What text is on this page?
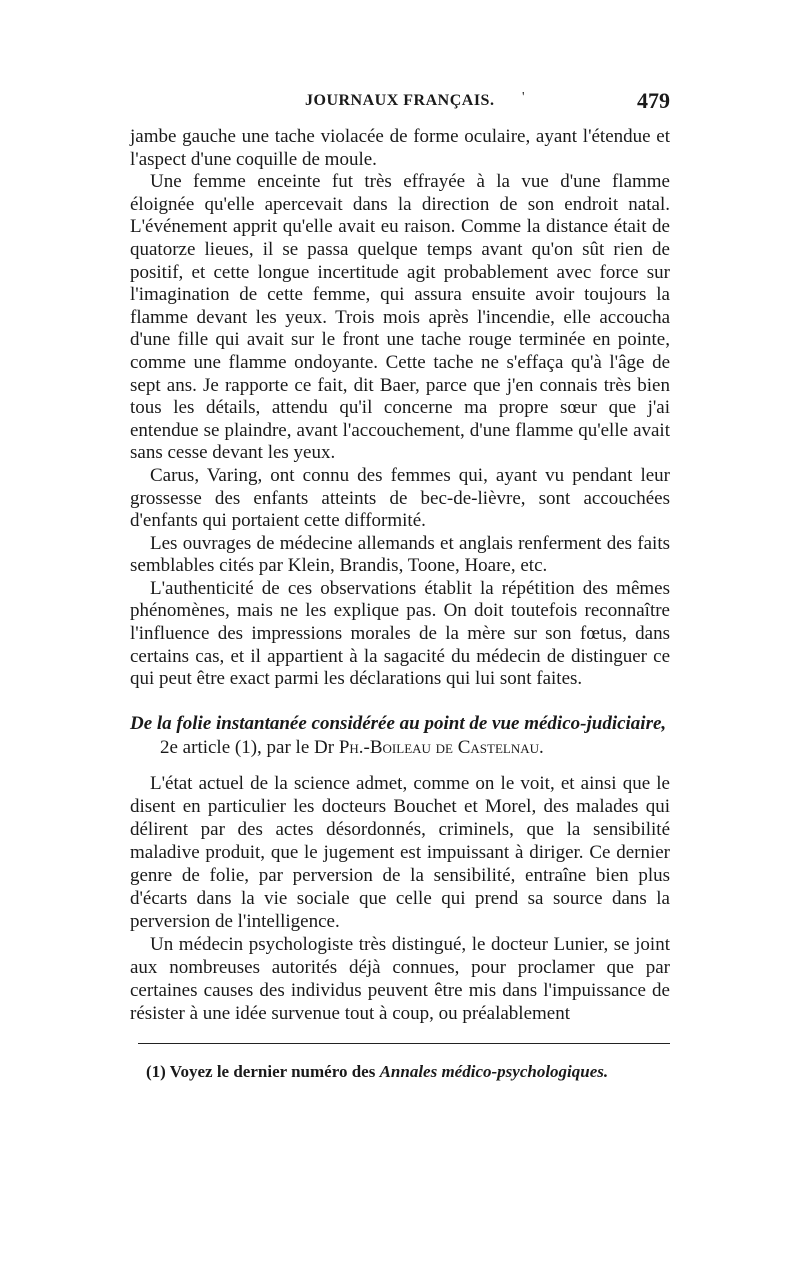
JOURNAUX FRANÇAIS. '	479

jambe gauche une tache violacée de forme oculaire, ayant l'étendue et l'aspect d'une coquille de moule.

Une femme enceinte fut très effrayée à la vue d'une flamme éloignée qu'elle apercevait dans la direction de son endroit natal. L'événement apprit qu'elle avait eu raison. Comme la distance était de quatorze lieues, il se passa quelque temps avant qu'on sût rien de positif, et cette longue incertitude agit probablement avec force sur l'imagination de cette femme, qui assura ensuite avoir toujours la flamme devant les yeux. Trois mois après l'incendie, elle accoucha d'une fille qui avait sur le front une tache rouge terminée en pointe, comme une flamme ondoyante. Cette tache ne s'effaça qu'à l'âge de sept ans. Je rapporte ce fait, dit Baer, parce que j'en connais très bien tous les détails, attendu qu'il concerne ma propre sœur que j'ai entendue se plaindre, avant l'accouchement, d'une flamme qu'elle avait sans cesse devant les yeux.

Carus, Varing, ont connu des femmes qui, ayant vu pendant leur grossesse des enfants atteints de bec-de-lièvre, sont accouchées d'enfants qui portaient cette difformité.

Les ouvrages de médecine allemands et anglais renferment des faits semblables cités par Klein, Brandis, Toone, Hoare, etc.

L'authenticité de ces observations établit la répétition des mêmes phénomènes, mais ne les explique pas. On doit toutefois reconnaître l'influence des impressions morales de la mère sur son fœtus, dans certains cas, et il appartient à la sagacité du médecin de distinguer ce qui peut être exact parmi les déclarations qui lui sont faites.

De la folie instantanée considérée au point de vue médico-judiciaire,
2e article (1), par le Dr Ph.-Boileau de Castelnau.

L'état actuel de la science admet, comme on le voit, et ainsi que le disent en particulier les docteurs Bouchet et Morel, des malades qui délirent par des actes désordonnés, criminels, que la sensibilité maladive produit, que le jugement est impuissant à diriger. Ce dernier genre de folie, par perversion de la sensibilité, entraîne bien plus d'écarts dans la vie sociale que celle qui prend sa source dans la perversion de l'intelligence.

Un médecin psychologiste très distingué, le docteur Lunier, se joint aux nombreuses autorités déjà connues, pour proclamer que par certaines causes des individus peuvent être mis dans l'impuissance de résister à une idée survenue tout à coup, ou préalablement

(1) Voyez le dernier numéro des Annales médico-psychologiques.
